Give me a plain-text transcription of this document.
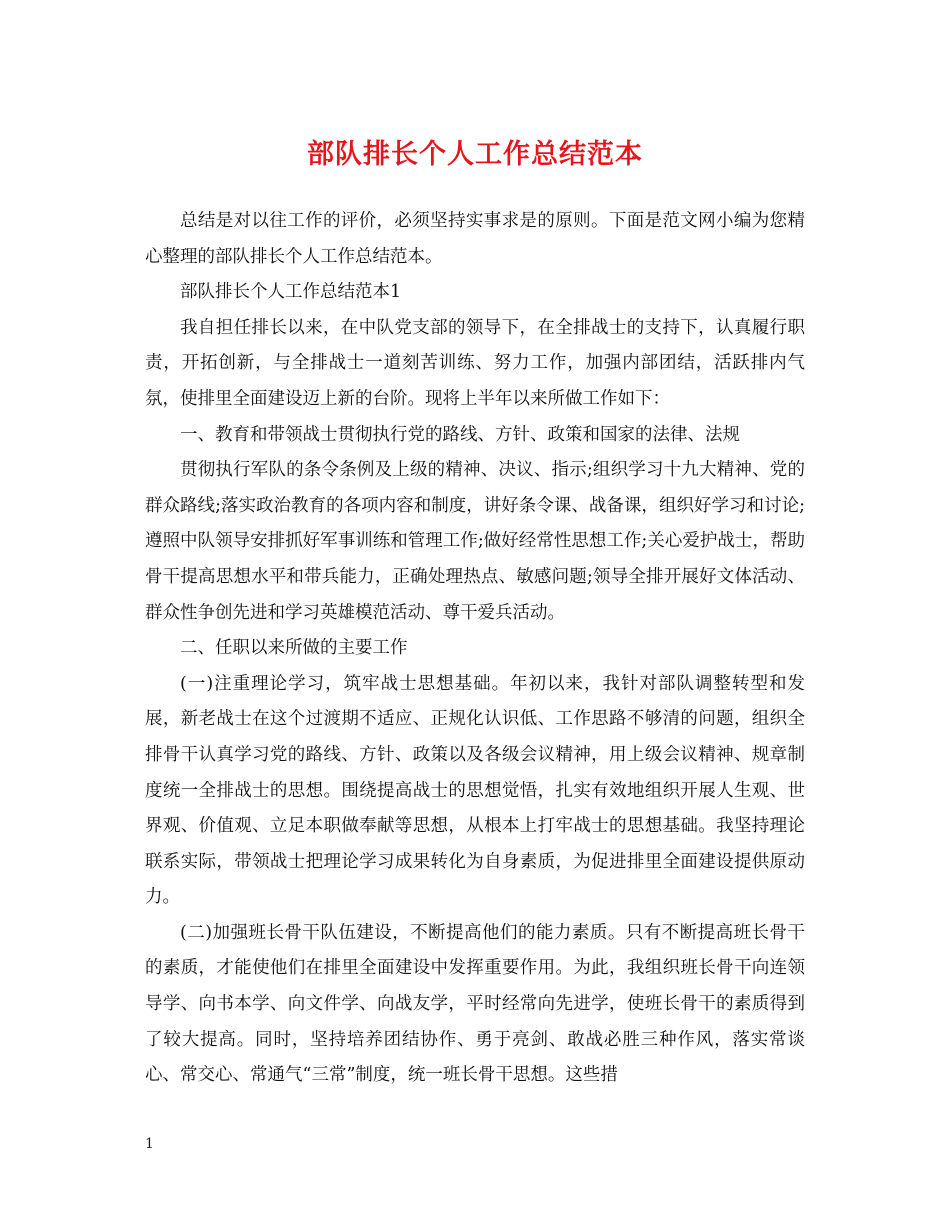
部队排长个人工作总结范本

总结是对以往工作的评价，必须坚持实事求是的原则。下面是范文网小编为您精心整理的部队排长个人工作总结范本。

部队排长个人工作总结范本1

我自担任排长以来，在中队党支部的领导下，在全排战士的支持下，认真履行职责，开拓创新，与全排战士一道刻苦训练、努力工作，加强内部团结，活跃排内气氛，使排里全面建设迈上新的台阶。现将上半年以来所做工作如下：

一、教育和带领战士贯彻执行党的路线、方针、政策和国家的法律、法规

贯彻执行军队的条令条例及上级的精神、决议、指示;组织学习十九大精神、党的群众路线;落实政治教育的各项内容和制度，讲好条令课、战备课，组织好学习和讨论;遵照中队领导安排抓好军事训练和管理工作;做好经常性思想工作;关心爱护战士，帮助骨干提高思想水平和带兵能力，正确处理热点、敏感问题;领导全排开展好文体活动、群众性争创先进和学习英雄模范活动、尊干爱兵活动。

二、任职以来所做的主要工作

(一)注重理论学习，筑牢战士思想基础。年初以来，我针对部队调整转型和发展，新老战士在这个过渡期不适应、正规化认识低、工作思路不够清的问题，组织全排骨干认真学习党的路线、方针、政策以及各级会议精神，用上级会议精神、规章制度统一全排战士的思想。围绕提高战士的思想觉悟，扎实有效地组织开展人生观、世界观、价值观、立足本职做奉献等思想，从根本上打牢战士的思想基础。我坚持理论联系实际，带领战士把理论学习成果转化为自身素质，为促进排里全面建设提供原动力。

(二)加强班长骨干队伍建设，不断提高他们的能力素质。只有不断提高班长骨干的素质，才能使他们在排里全面建设中发挥重要作用。为此，我组织班长骨干向连领导学、向书本学、向文件学、向战友学，平时经常向先进学，使班长骨干的素质得到了较大提高。同时，坚持培养团结协作、勇于亮剑、敢战必胜三种作风，落实常谈心、常交心、常通气“三常”制度，统一班长骨干思想。这些措

1
